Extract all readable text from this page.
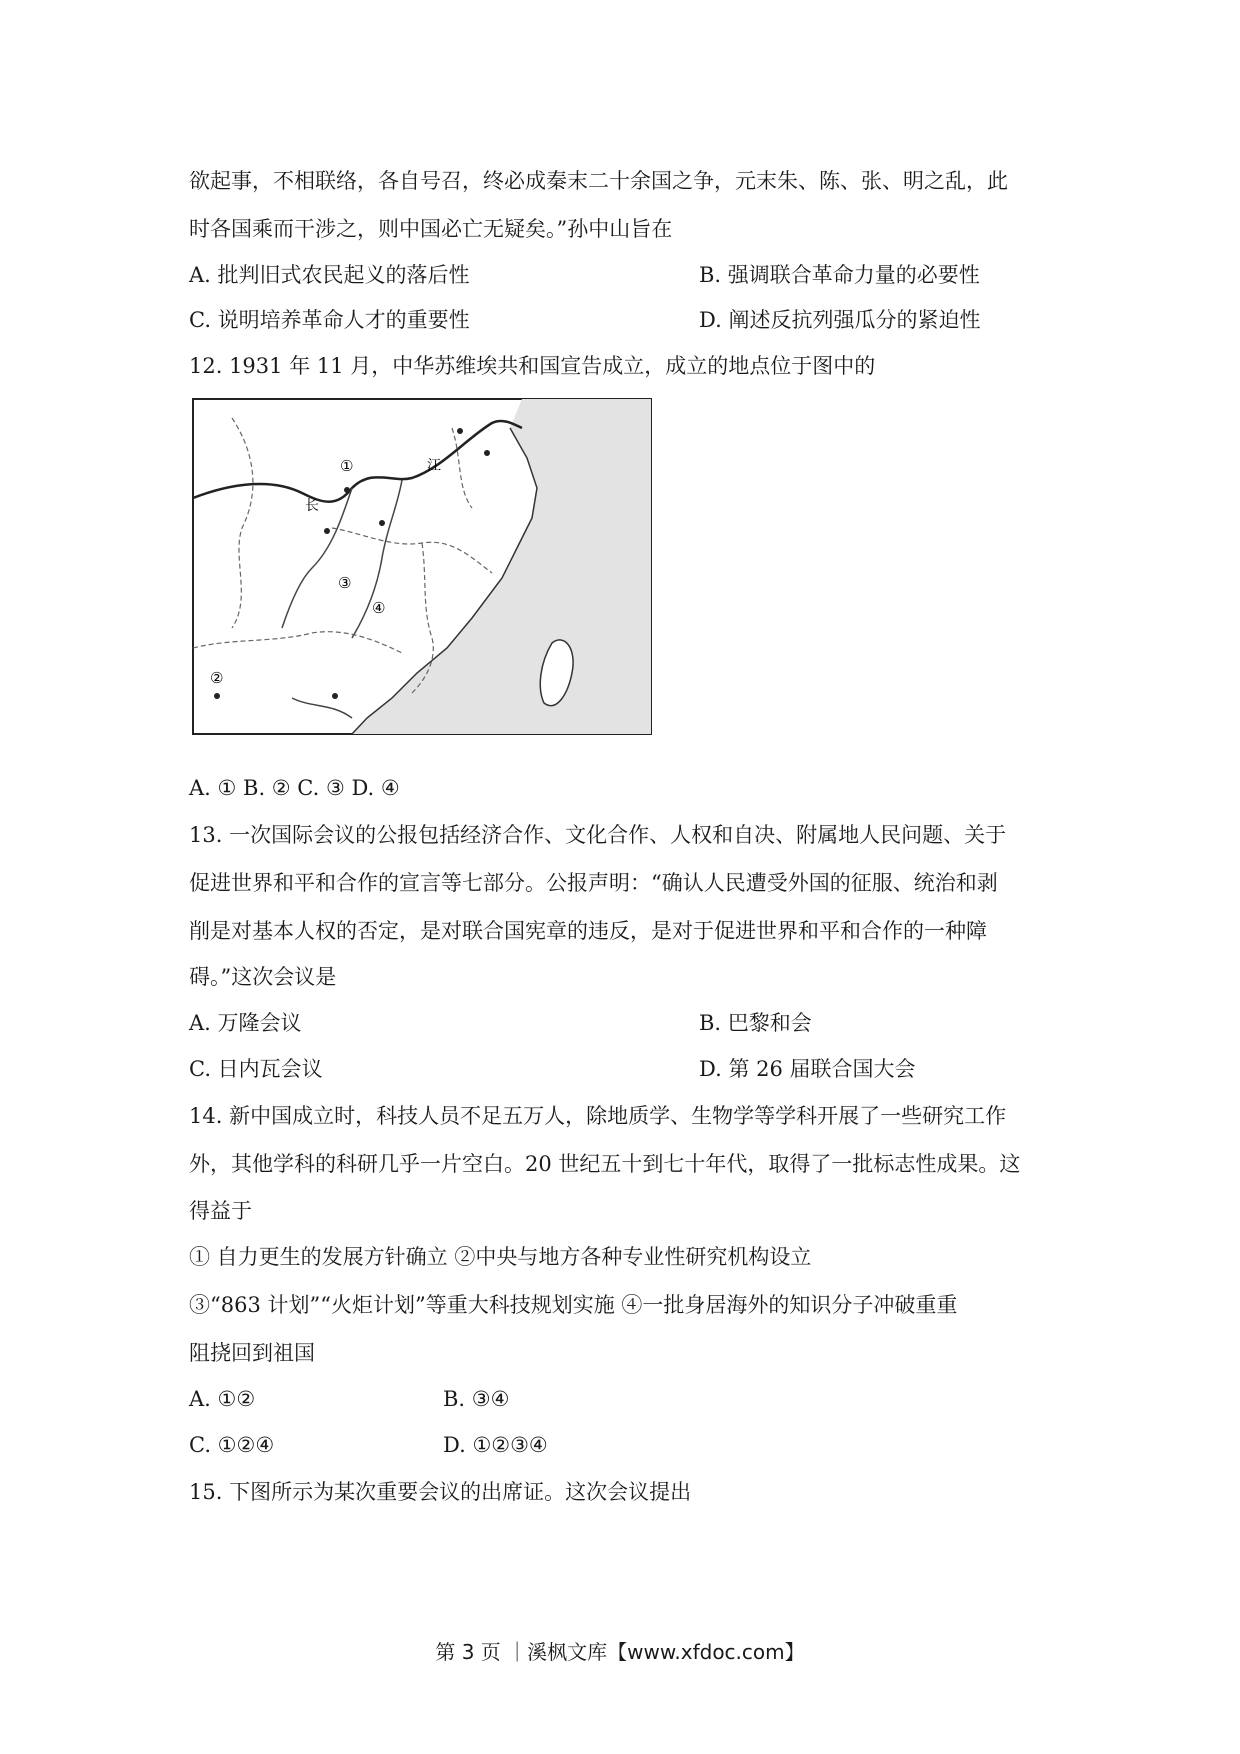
欲起事，不相联络，各自号召，终必成秦末二十余国之争，元末朱、陈、张、明之乱，此
时各国乘而干涉之，则中国必亡无疑矣。”孙中山旨在
A. 批判旧式农民起义的落后性	B. 强调联合革命力量的必要性
C. 说明培养革命人才的重要性	D. 阐述反抗列强瓜分的紧迫性
12. 1931 年 11 月，中华苏维埃共和国宣告成立，成立的地点位于图中的
①
②
③
④
长
江
A. ① B. ② C. ③ D. ④
13. 一次国际会议的公报包括经济合作、文化合作、人权和自决、附属地人民问题、关于
促进世界和平和合作的宣言等七部分。公报声明：“确认人民遭受外国的征服、统治和剥
削是对基本人权的否定，是对联合国宪章的违反，是对于促进世界和平和合作的一种障
碍。”这次会议是
A. 万隆会议	B. 巴黎和会
C. 日内瓦会议	D. 第 26 届联合国大会
14. 新中国成立时，科技人员不足五万人，除地质学、生物学等学科开展了一些研究工作
外，其他学科的科研几乎一片空白。20 世纪五十到七十年代，取得了一批标志性成果。这
得益于
① 自力更生的发展方针确立 ②中央与地方各种专业性研究机构设立
③“863 计划”“火炬计划”等重大科技规划实施 ④一批身居海外的知识分子冲破重重
阻挠回到祖国
A. ①②	B. ③④
C. ①②④	D. ①②③④
15. 下图所示为某次重要会议的出席证。这次会议提出
第 3 页 ｜溪枫文库【www.xfdoc.com】
